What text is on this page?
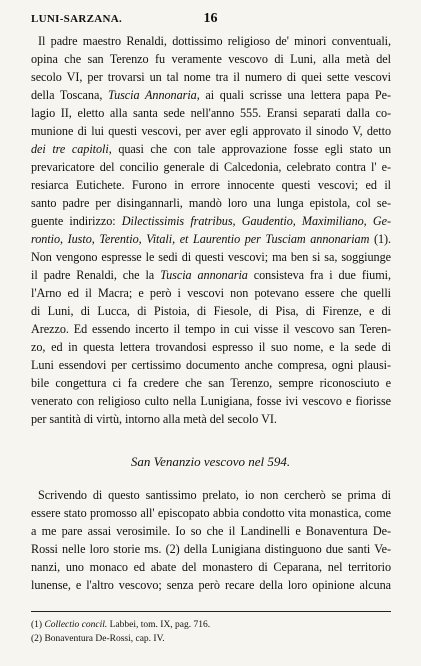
LUNI-SARZANA.	16
Il padre maestro Renaldi, dottissimo religioso de' minori conventuali,
opina che san Terenzo fu veramente vescovo di Luni, alla metà del
secolo VI, per trovarsi un tal nome tra il numero di quei sette vescovi
della Toscana, Tuscia Annonaria, ai quali scrisse una lettera papa Pe-
lagio II, eletto alla santa sede nell'anno 555. Eransi separati dalla co-
munione di lui questi vescovi, per aver egli approvato il sinodo V, detto
dei tre capitoli, quasi che con tale approvazione fosse egli stato un
prevaricatore del concilio generale di Calcedonia, celebrato contra l' e-
resiarca Eutichete. Furono in errore innocente questi vescovi; ed il
santo padre per disingannarli, mandò loro una lunga epistola, col se-
guente indirizzo: Dilectissimis fratribus, Gaudentio, Maximiliano, Ge-
rontio, Iusto, Terentio, Vitali, et Laurentio per Tusciam annonariam (1).
Non vengono espresse le sedi di questi vescovi; ma ben si sa, soggiunge
il padre Renaldi, che la Tuscia annonaria consisteva fra i due fiumi,
l'Arno ed il Macra; e però i vescovi non potevano essere che quelli
di Luni, di Lucca, di Pistoia, di Fiesole, di Pisa, di Firenze, e di
Arezzo. Ed essendo incerto il tempo in cui visse il vescovo san Teren-
zo, ed in questa lettera trovandosi espresso il suo nome, e la sede di
Luni essendovi per certissimo documento anche compresa, ogni plausi-
bile congettura ci fa credere che san Terenzo, sempre riconosciuto e
venerato con religioso culto nella Lunigiana, fosse ivi vescovo e fiorisse
per santità di virtù, intorno alla metà del secolo VI.
San Venanzio vescovo nel 594.
Scrivendo di questo santissimo prelato, io non cercherò se prima di
essere stato promosso all' episcopato abbia condotto vita monastica, come
a me pare assai verosimile. Io so che il Landinelli e Bonaventura De-
Rossi nelle loro storie ms. (2) della Lunigiana distinguono due santi Ve-
nanzi, uno monaco ed abate del monastero di Ceparana, nel territorio
lunense, e l'altro vescovo; senza però recare della loro opinione alcuna
(1) Collectio concil. Labbei, tom. IX, pag. 716.
(2) Bonaventura De-Rossi, cap. IV.
